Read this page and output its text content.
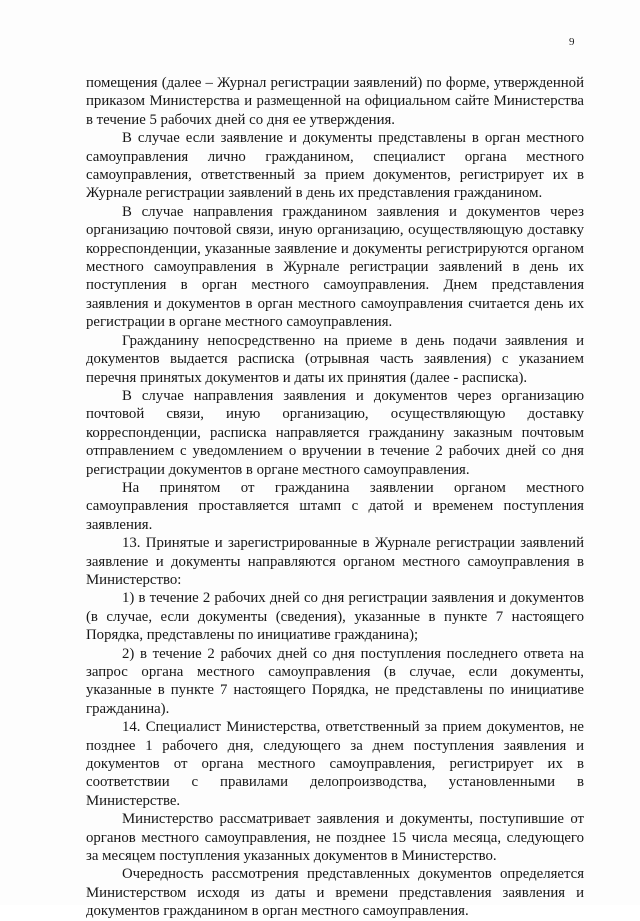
9

помещения (далее – Журнал регистрации заявлений) по форме, утвержденной приказом Министерства и размещенной на официальном сайте Министерства в течение 5 рабочих дней со дня ее утверждения.

В случае если заявление и документы представлены в орган местного самоуправления лично гражданином, специалист органа местного самоуправления, ответственный за прием документов, регистрирует их в Журнале регистрации заявлений в день их представления гражданином.

В случае направления гражданином заявления и документов через организацию почтовой связи, иную организацию, осуществляющую доставку корреспонденции, указанные заявление и документы регистрируются органом местного самоуправления в Журнале регистрации заявлений в день их поступления в орган местного самоуправления. Днем представления заявления и документов в орган местного самоуправления считается день их регистрации в органе местного самоуправления.

Гражданину непосредственно на приеме в день подачи заявления и документов выдается расписка (отрывная часть заявления) с указанием перечня принятых документов и даты их принятия (далее - расписка).

В случае направления заявления и документов через организацию почтовой связи, иную организацию, осуществляющую доставку корреспонденции, расписка направляется гражданину заказным почтовым отправлением с уведомлением о вручении в течение 2 рабочих дней со дня регистрации документов в органе местного самоуправления.

На принятом от гражданина заявлении органом местного самоуправления проставляется штамп с датой и временем поступления заявления.

13. Принятые и зарегистрированные в Журнале регистрации заявлений заявление и документы направляются органом местного самоуправления в Министерство:

1) в течение 2 рабочих дней со дня регистрации заявления и документов (в случае, если документы (сведения), указанные в пункте 7 настоящего Порядка, представлены по инициативе гражданина);

2) в течение 2 рабочих дней со дня поступления последнего ответа на запрос органа местного самоуправления (в случае, если документы, указанные в пункте 7 настоящего Порядка, не представлены по инициативе гражданина).

14. Специалист Министерства, ответственный за прием документов, не позднее 1 рабочего дня, следующего за днем поступления заявления и документов от органа местного самоуправления, регистрирует их в соответствии с правилами делопроизводства, установленными в Министерстве.

Министерство рассматривает заявления и документы, поступившие от органов местного самоуправления, не позднее 15 числа месяца, следующего за месяцем поступления указанных документов в Министерство.

Очередность рассмотрения представленных документов определяется Министерством исходя из даты и времени представления заявления и документов гражданином в орган местного самоуправления.
